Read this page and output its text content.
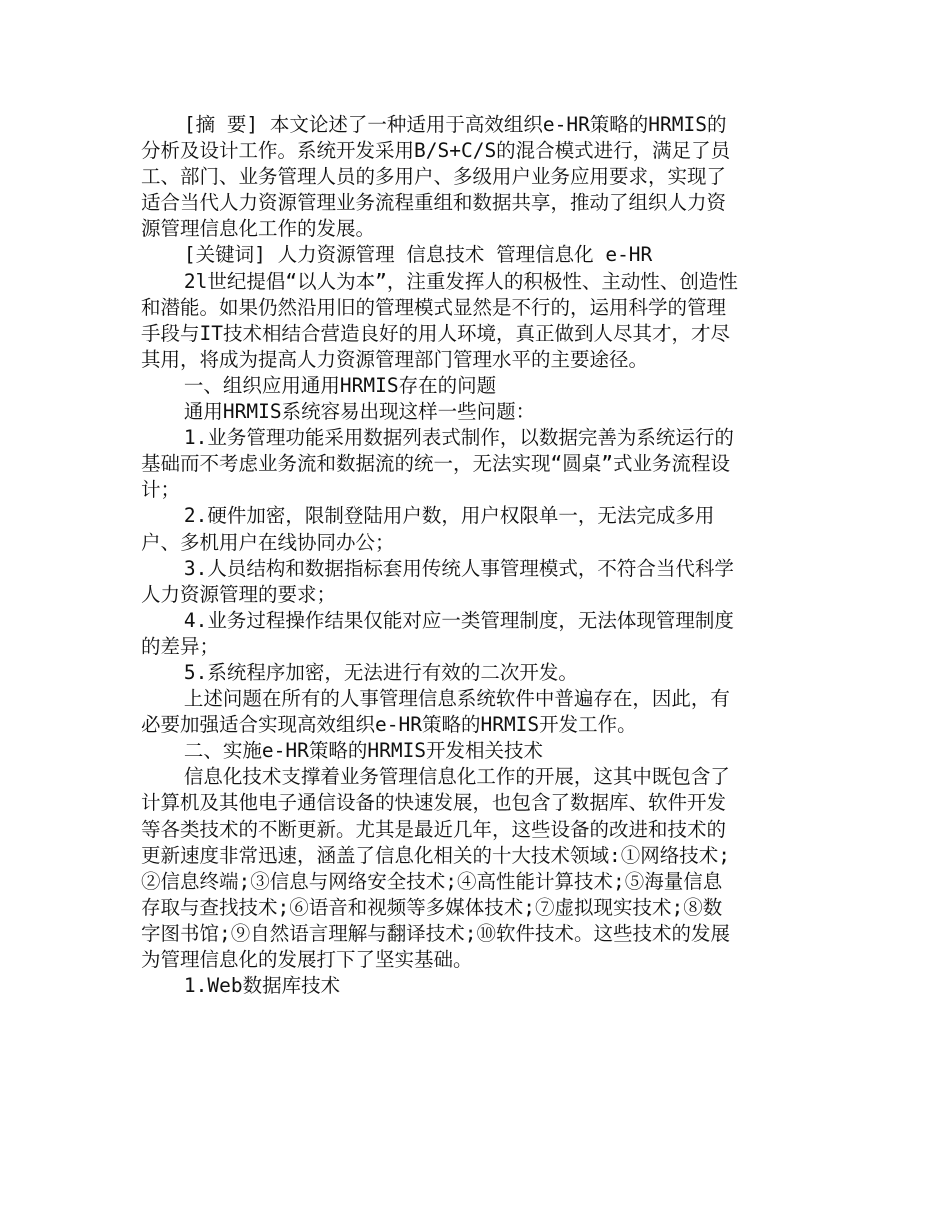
[摘 要] 本文论述了一种适用于高效组织e-HR策略的HRMIS的分析及设计工作。系统开发采用B/S+C/S的混合模式进行，满足了员工、部门、业务管理人员的多用户、多级用户业务应用要求，实现了适合当代人力资源管理业务流程重组和数据共享，推动了组织人力资源管理信息化工作的发展。

[关键词] 人力资源管理 信息技术 管理信息化 e-HR

2l世纪提倡“以人为本”，注重发挥人的积极性、主动性、创造性和潜能。如果仍然沿用旧的管理模式显然是不行的，运用科学的管理手段与IT技术相结合营造良好的用人环境，真正做到人尽其才，才尽其用，将成为提高人力资源管理部门管理水平的主要途径。

一、组织应用通用HRMIS存在的问题

通用HRMIS系统容易出现这样一些问题：

1.业务管理功能采用数据列表式制作，以数据完善为系统运行的基础而不考虑业务流和数据流的统一，无法实现“圆桌”式业务流程设计；

2.硬件加密，限制登陆用户数，用户权限单一，无法完成多用户、多机用户在线协同办公；

3.人员结构和数据指标套用传统人事管理模式，不符合当代科学人力资源管理的要求；

4.业务过程操作结果仅能对应一类管理制度，无法体现管理制度的差异；

5.系统程序加密，无法进行有效的二次开发。

上述问题在所有的人事管理信息系统软件中普遍存在，因此，有必要加强适合实现高效组织e-HR策略的HRMIS开发工作。

二、实施e-HR策略的HRMIS开发相关技术

信息化技术支撑着业务管理信息化工作的开展，这其中既包含了计算机及其他电子通信设备的快速发展，也包含了数据库、软件开发等各类技术的不断更新。尤其是最近几年，这些设备的改进和技术的更新速度非常迅速，涵盖了信息化相关的十大技术领域:①网络技术;②信息终端;③信息与网络安全技术;④高性能计算技术;⑤海量信息存取与查找技术;⑥语音和视频等多媒体技术;⑦虚拟现实技术;⑧数字图书馆;⑨自然语言理解与翻译技术;⑩软件技术。这些技术的发展为管理信息化的发展打下了坚实基础。

1.Web数据库技术
